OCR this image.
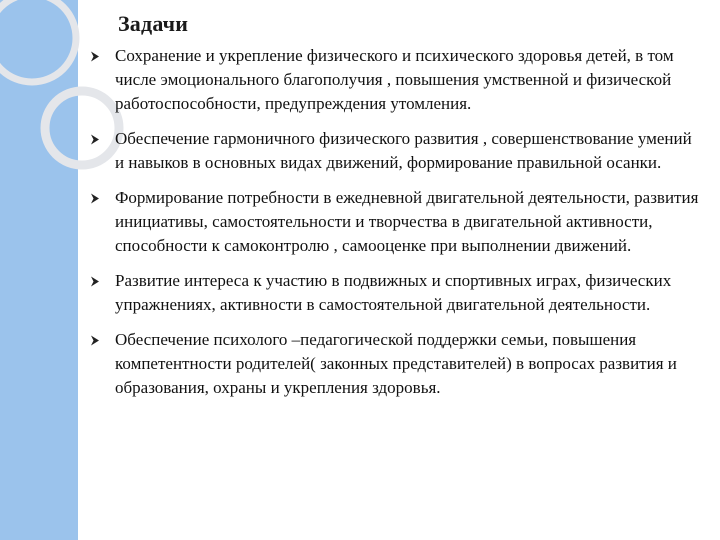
Задачи
Сохранение и укрепление физического и психического здоровья детей, в том числе эмоционального благополучия , повышения умственной и физической работоспособности, предупреждения утомления.
Обеспечение гармоничного физического развития , совершенствование умений и навыков в основных видах движений, формирование правильной осанки.
Формирование потребности в ежедневной двигательной деятельности, развития инициативы, самостоятельности и творчества в двигательной активности, способности к самоконтролю , самооценке при выполнении движений.
Развитие интереса к участию в подвижных и спортивных играх, физических упражнениях, активности в самостоятельной двигательной деятельности.
Обеспечение психолого –педагогической поддержки семьи, повышения компетентности родителей( законных представителей) в вопросах развития и образования, охраны и укрепления здоровья.
